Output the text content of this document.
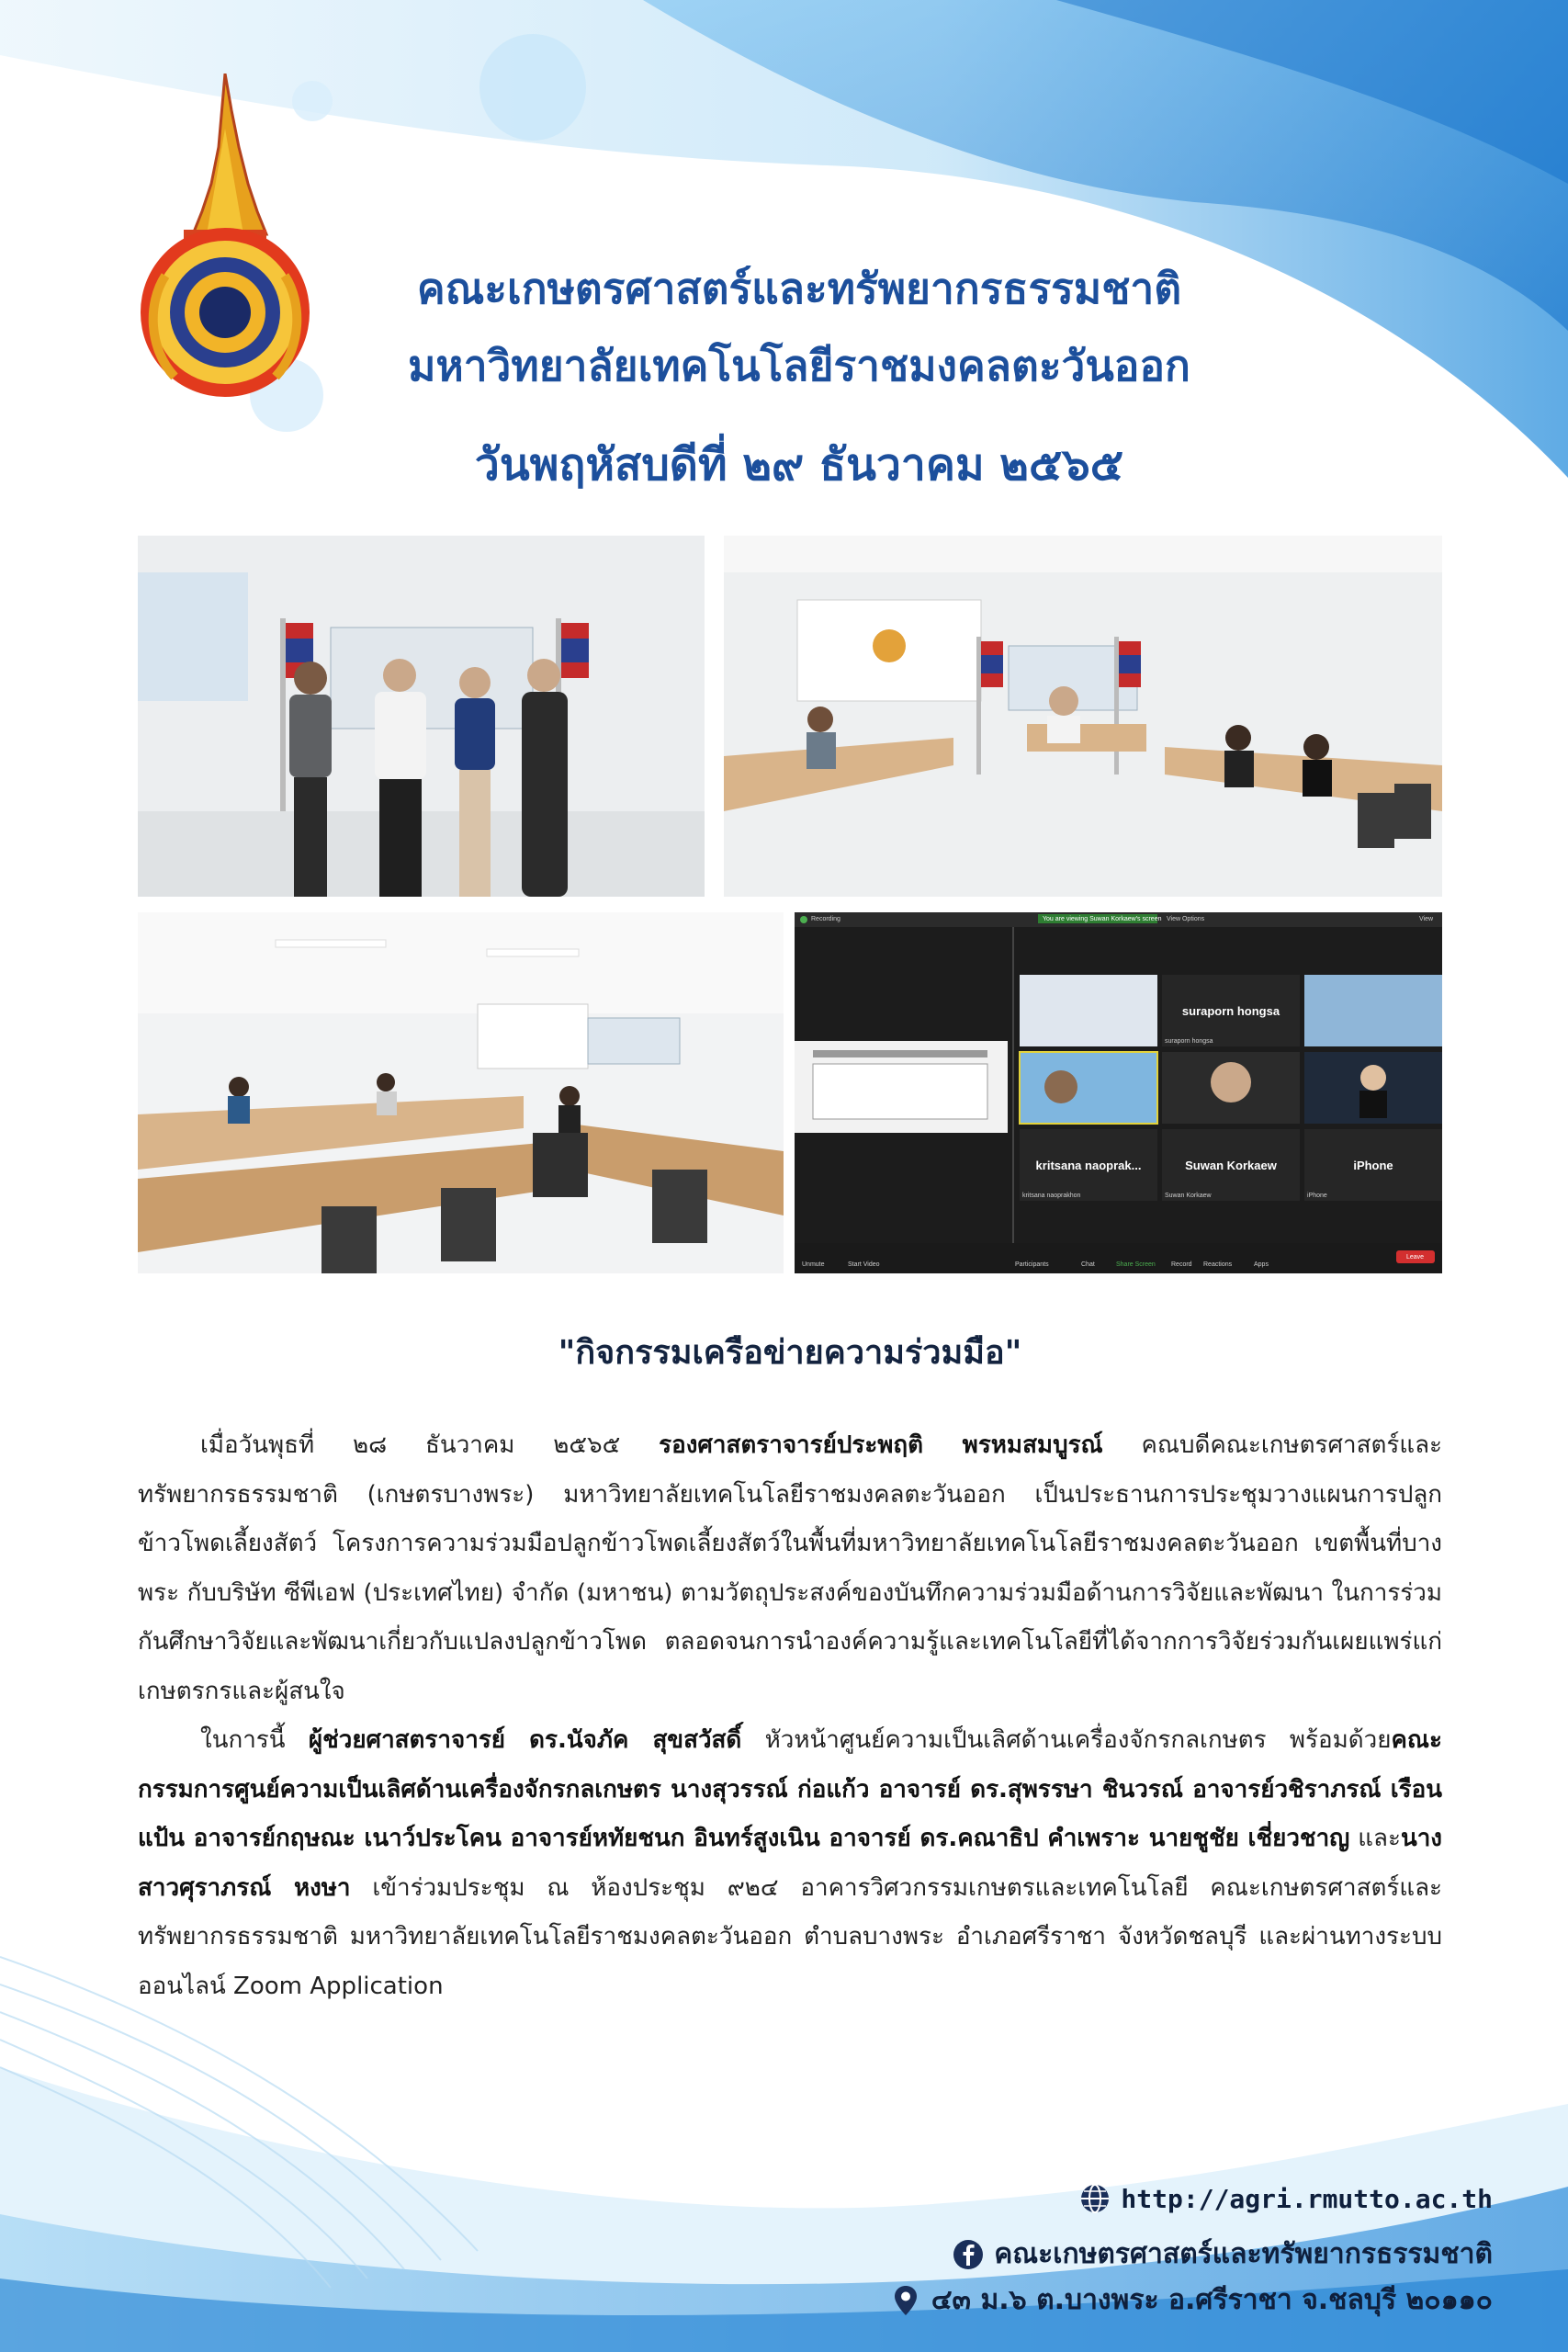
คณะเกษตรศาสตร์และทรัพยากรธรรมชาติ
มหาวิทยาลัยเทคโนโลยีราชมงคลตะวันออก
วันพฤหัสบดีที่ ๒๙ ธันวาคม ๒๕๖๕
suraporn hongsa
kritsana naoprak...	Suwan Korkaew	iPhone
suraporn hongsa
kritsana naoprakhon	Suwan Korkaew	iPhone
Recording	You are viewing Suwan Korkaew's screen View Options	View
Unmute	Start Video	Participants	Chat	Share Screen Record Reactions	Apps
Leave
"กิจกรรมเครือข่ายความร่วมมือ"

เมื่อวันพุธที่ ๒๘ ธันวาคม ๒๕๖๕ รองศาสตราจารย์ประพฤติ พรหมสมบูรณ์ คณบดีคณะเกษตรศาสตร์และทรัพยากรธรรมชาติ (เกษตรบางพระ) มหาวิทยาลัยเทคโนโลยีราชมงคลตะวันออก เป็นประธานการประชุมวางแผนการปลูกข้าวโพดเลี้ยงสัตว์ โครงการความร่วมมือปลูกข้าวโพดเลี้ยงสัตว์ในพื้นที่มหาวิทยาลัยเทคโนโลยีราชมงคลตะวันออก เขตพื้นที่บางพระ กับบริษัท ซีพีเอฟ (ประเทศไทย) จำกัด (มหาชน) ตามวัตถุประสงค์ของบันทึกความร่วมมือด้านการวิจัยและพัฒนา ในการร่วมกันศึกษาวิจัยและพัฒนาเกี่ยวกับแปลงปลูกข้าวโพด ตลอดจนการนำองค์ความรู้และเทคโนโลยีที่ได้จากการวิจัยร่วมกันเผยแพร่แก่เกษตรกรและผู้สนใจ

ในการนี้ ผู้ช่วยศาสตราจารย์ ดร.นัจภัค สุขสวัสดิ์ หัวหน้าศูนย์ความเป็นเลิศด้านเครื่องจักรกลเกษตร พร้อมด้วยคณะกรรมการศูนย์ความเป็นเลิศด้านเครื่องจักรกลเกษตร นางสุวรรณ์ ก่อแก้ว อาจารย์ ดร.สุพรรษา ชินวรณ์ อาจารย์วชิราภรณ์ เรือนแป้น อาจารย์กฤษณะ เนาว์ประโคน อาจารย์หทัยชนก อินทร์สูงเนิน อาจารย์ ดร.คณาธิป คำเพราะ นายชูชัย เชี่ยวชาญ และนางสาวศุราภรณ์ หงษา เข้าร่วมประชุม ณ ห้องประชุม ๙๒๔ อาคารวิศวกรรมเกษตรและเทคโนโลยี คณะเกษตรศาสตร์และทรัพยากรธรรมชาติ มหาวิทยาลัยเทคโนโลยีราชมงคลตะวันออก ตำบลบางพระ อำเภอศรีราชา จังหวัดชลบุรี และผ่านทางระบบออนไลน์ Zoom Application

http://agri.rmutto.ac.th
คณะเกษตรศาสตร์และทรัพยากรธรรมชาติ
๔๓ ม.๖ ต.บางพระ อ.ศรีราชา จ.ชลบุรี ๒๐๑๑๐
